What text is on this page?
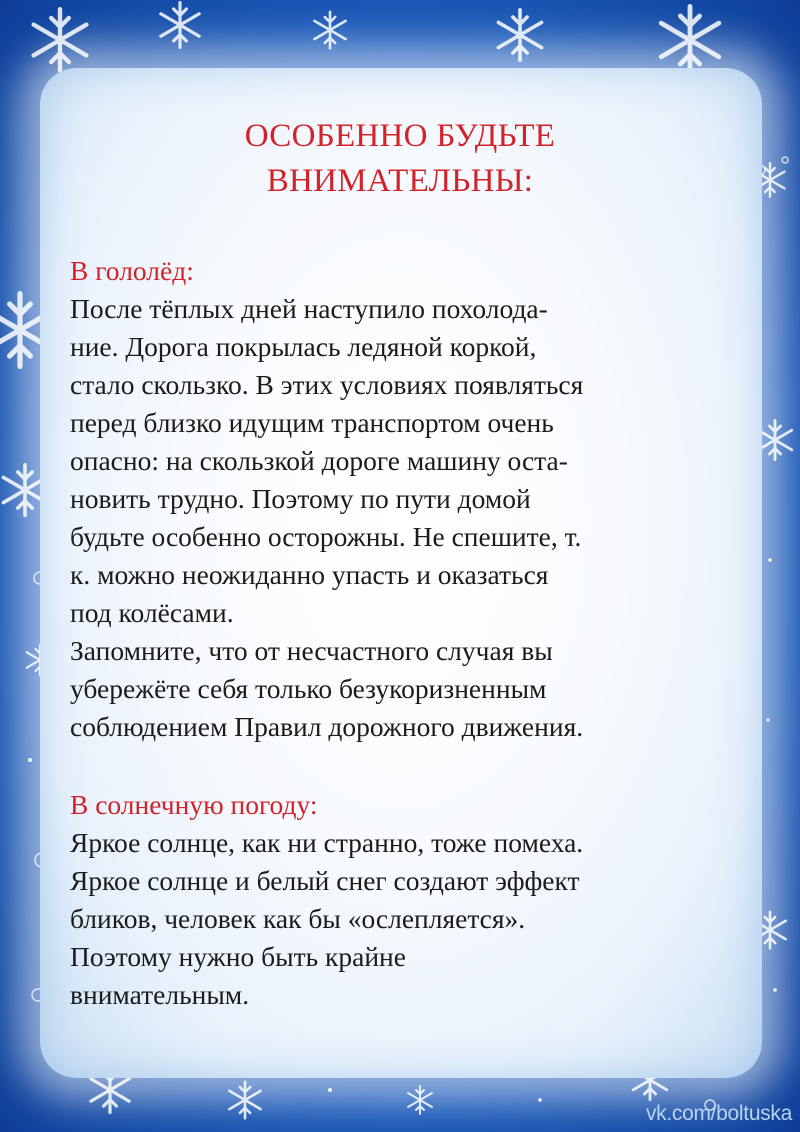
ОСОБЕННО БУДЬТЕ
ВНИМАТЕЛЬНЫ:
В гололёд:
После тёплых дней наступило похолода-
ние. Дорога покрылась ледяной коркой,
стало скользко. В этих условиях появляться
перед близко идущим транспортом очень
опасно: на скользкой дороге машину оста-
новить трудно. Поэтому по пути домой
будьте особенно осторожны. Не спешите, т.
к. можно неожиданно упасть и оказаться
под колёсами.
Запомните, что от несчастного случая вы
убережёте себя только безукоризненным
соблюдением Правил дорожного движения.
В солнечную погоду:
Яркое солнце, как ни странно, тоже помеха.
Яркое солнце и белый снег создают эффект
бликов, человек как бы «ослепляется».
Поэтому нужно быть крайне
внимательным.
vk.com/boltuska
